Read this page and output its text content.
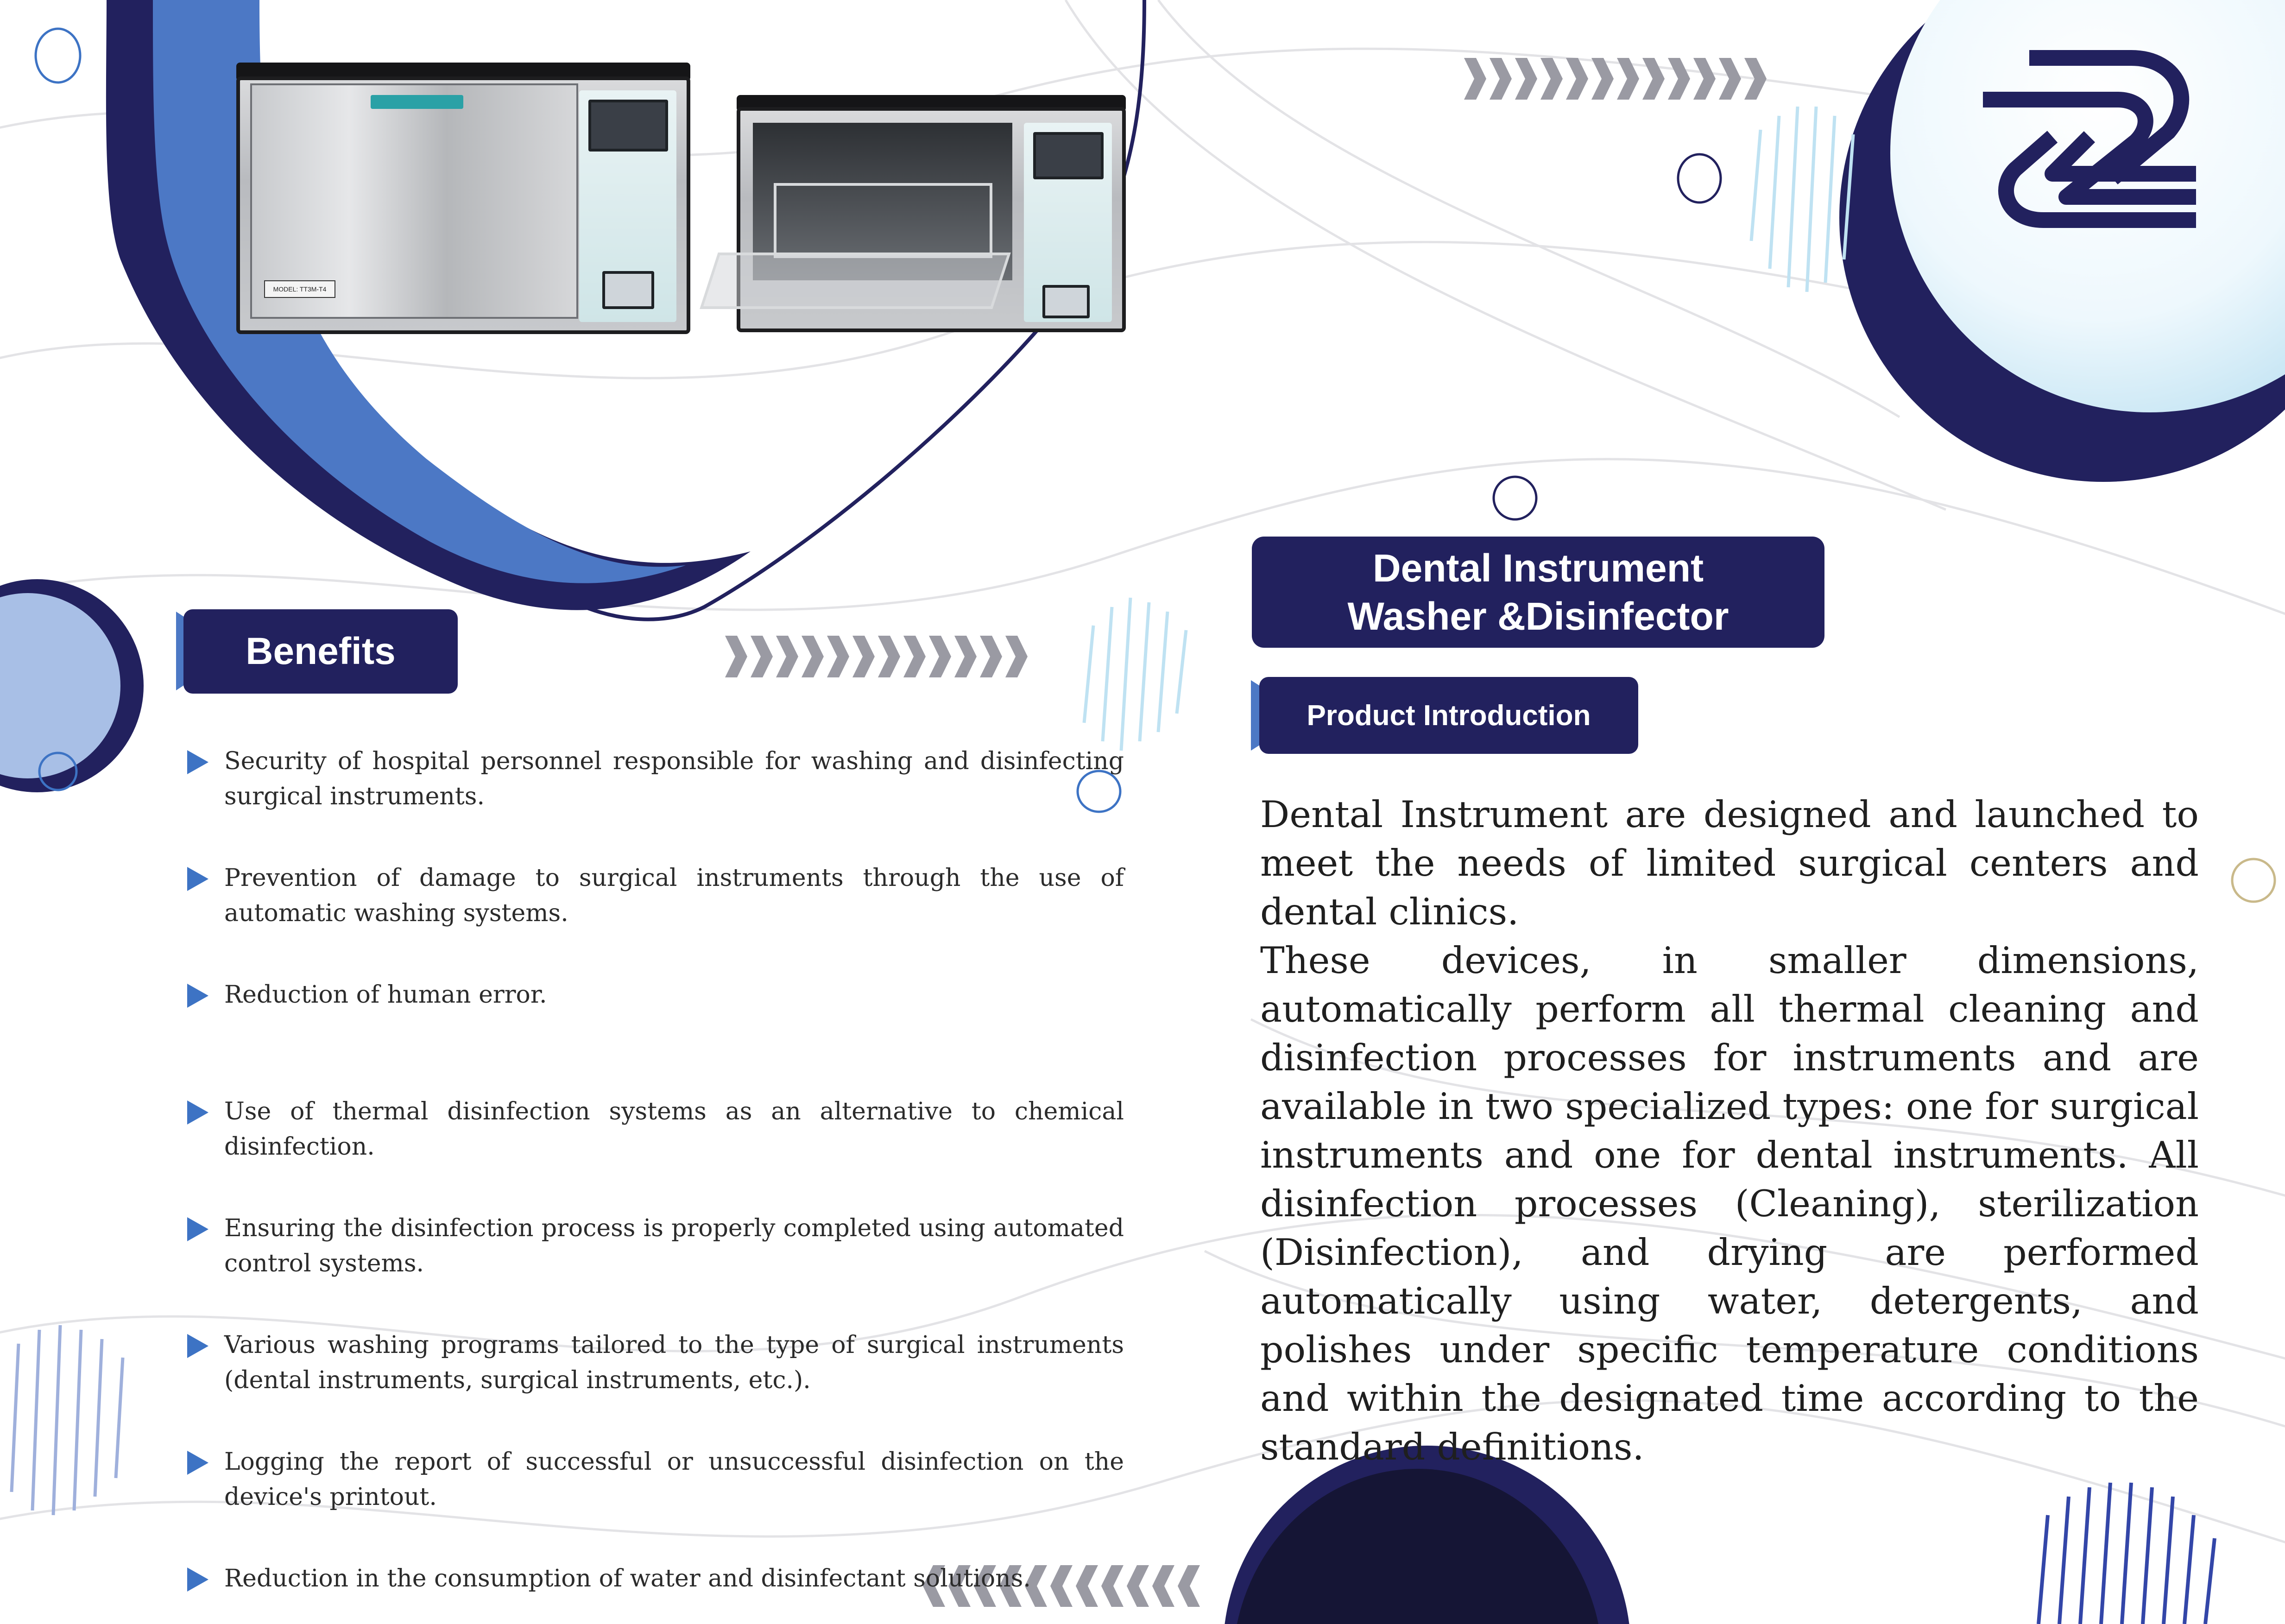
MODEL: TT3M-T4
Dental Instrument
Washer &Disinfector
Benefits
Product Introduction
Security of hospital personnel responsible for washing and disinfecting surgical instruments.
Prevention of damage to surgical instruments through the use of automatic washing systems.
Reduction of human error.
Use of thermal disinfection systems as an alternative to chemical disinfection.
Ensuring the disinfection process is properly completed using automated control systems.
Various washing programs tailored to the type of surgical instruments (dental instruments, surgical instruments, etc.).
Logging the report of successful or unsuccessful disinfection on the device's printout.
Reduction in the consumption of water and disinfectant solutions.

Dental Instrument are designed and launched to meet the needs of limited surgical centers and dental clinics.

These devices, in smaller dimensions, automatically perform all thermal cleaning and disinfection processes for instruments and are available in two specialized types: one for surgical instruments and one for dental instruments. All disinfection processes (Cleaning), sterilization (Disinfection), and drying are performed automatically using water, detergents, and polishes under specific temperature conditions and within the designated time according to the standard definitions.
